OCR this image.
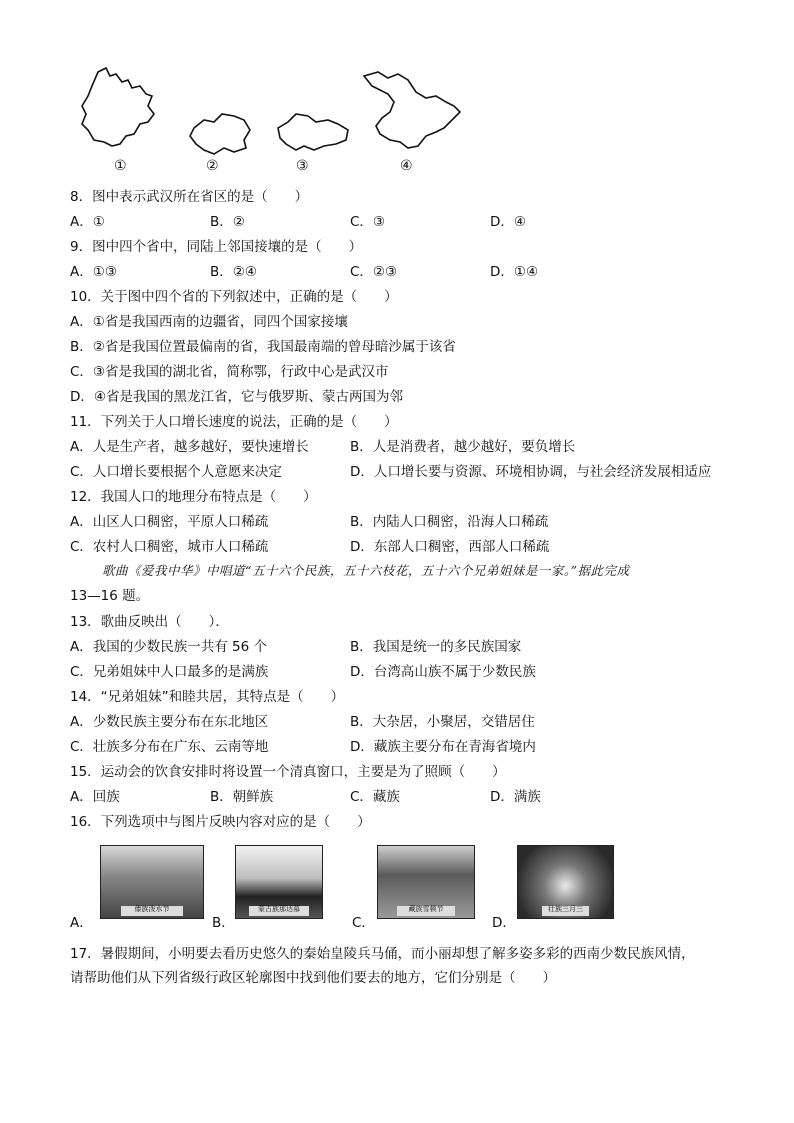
①	②	③	④
8．图中表示武汉所在省区的是（　　）
A．①	B．②	C．③	D．④
9．图中四个省中，同陆上邻国接壤的是（　　）
A．①③	B．②④	C．②③	D．①④
10．关于图中四个省的下列叙述中，正确的是（　　）
A．①省是我国西南的边疆省，同四个国家接壤
B．②省是我国位置最偏南的省，我国最南端的曾母暗沙属于该省
C．③省是我国的湖北省，简称鄂，行政中心是武汉市
D．④省是我国的黑龙江省，它与俄罗斯、蒙古两国为邻
11．下列关于人口增长速度的说法，正确的是（　　）
A．人是生产者，越多越好，要快速增长	B．人是消费者，越少越好，要负增长
C．人口增长要根据个人意愿来决定	D．人口增长要与资源、环境相协调，与社会经济发展相适应
12．我国人口的地理分布特点是（　　）
A．山区人口稠密，平原人口稀疏	B．内陆人口稠密，沿海人口稀疏
C．农村人口稠密，城市人口稀疏	D．东部人口稠密，西部人口稀疏
歌曲《爱我中华》中唱道“五十六个民族，五十六枝花，五十六个兄弟姐妹是一家。”据此完成
13—16 题。
13．歌曲反映出（　　）．
A．我国的少数民族一共有 56 个	B．我国是统一的多民族国家
C．兄弟姐妹中人口最多的是满族	D．台湾高山族不属于少数民族
14．“兄弟姐妹”和睦共居，其特点是（　　）
A．少数民族主要分布在东北地区	B．大杂居，小聚居，交错居住
C．壮族多分布在广东、云南等地	D．藏族主要分布在青海省境内
15．运动会的饮食安排时将设置一个清真窗口，主要是为了照顾（　　）
A．回族	B．朝鲜族	C．藏族	D．满族
16．下列选项中与图片反映内容对应的是（　　）
A．
傣族泼水节
B．
蒙古族那达慕
C．
藏族雪顿节
D．
壮族三月三
17．暑假期间，小明要去看历史悠久的秦始皇陵兵马俑，而小丽却想了解多姿多彩的西南少数民族风情，
请帮助他们从下列省级行政区轮廓图中找到他们要去的地方，它们分别是（　　）
